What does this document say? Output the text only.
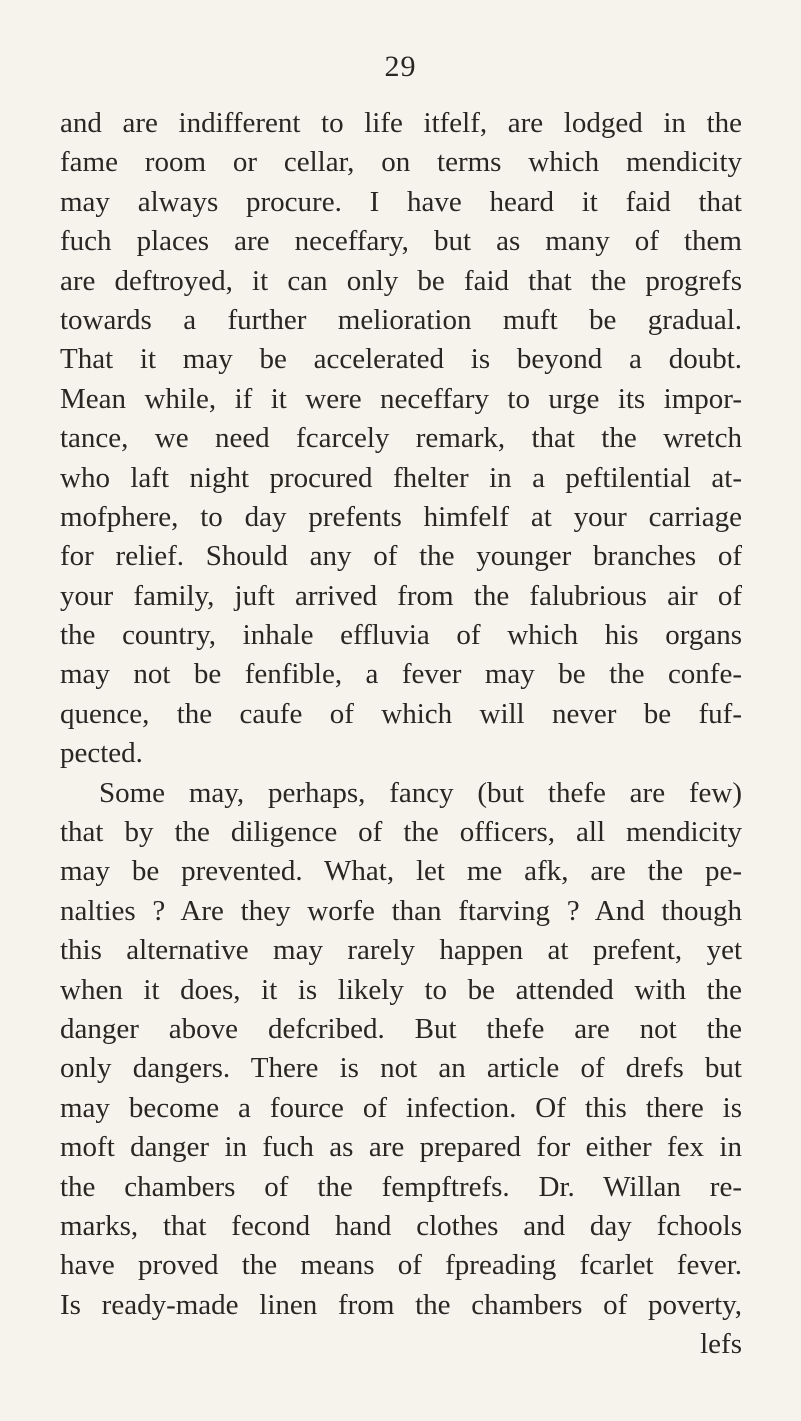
29
and are indifferent to life itfelf, are lodged in the
fame room or cellar, on terms which mendicity
may always procure. I have heard it faid that
fuch places are neceffary, but as many of them
are deftroyed, it can only be faid that the progrefs
towards a further melioration muft be gradual.
That it may be accelerated is beyond a doubt.
Mean while, if it were neceffary to urge its impor-
tance, we need fcarcely remark, that the wretch
who laft night procured fhelter in a peftilential at-
mofphere, to day prefents himfelf at your carriage
for relief. Should any of the younger branches of
your family, juft arrived from the falubrious air of
the country, inhale effluvia of which his organs
may not be fenfible, a fever may be the confe-
quence, the caufe of which will never be fuf-
pected.
Some may, perhaps, fancy (but thefe are few)
that by the diligence of the officers, all mendicity
may be prevented. What, let me afk, are the pe-
nalties ? Are they worfe than ftarving ? And though
this alternative may rarely happen at prefent, yet
when it does, it is likely to be attended with the
danger above defcribed. But thefe are not the
only dangers. There is not an article of drefs but
may become a fource of infection. Of this there is
moft danger in fuch as are prepared for either fex in
the chambers of the fempftrefs. Dr. Willan re-
marks, that fecond hand clothes and day fchools
have proved the means of fpreading fcarlet fever.
Is ready-made linen from the chambers of poverty,
lefs
